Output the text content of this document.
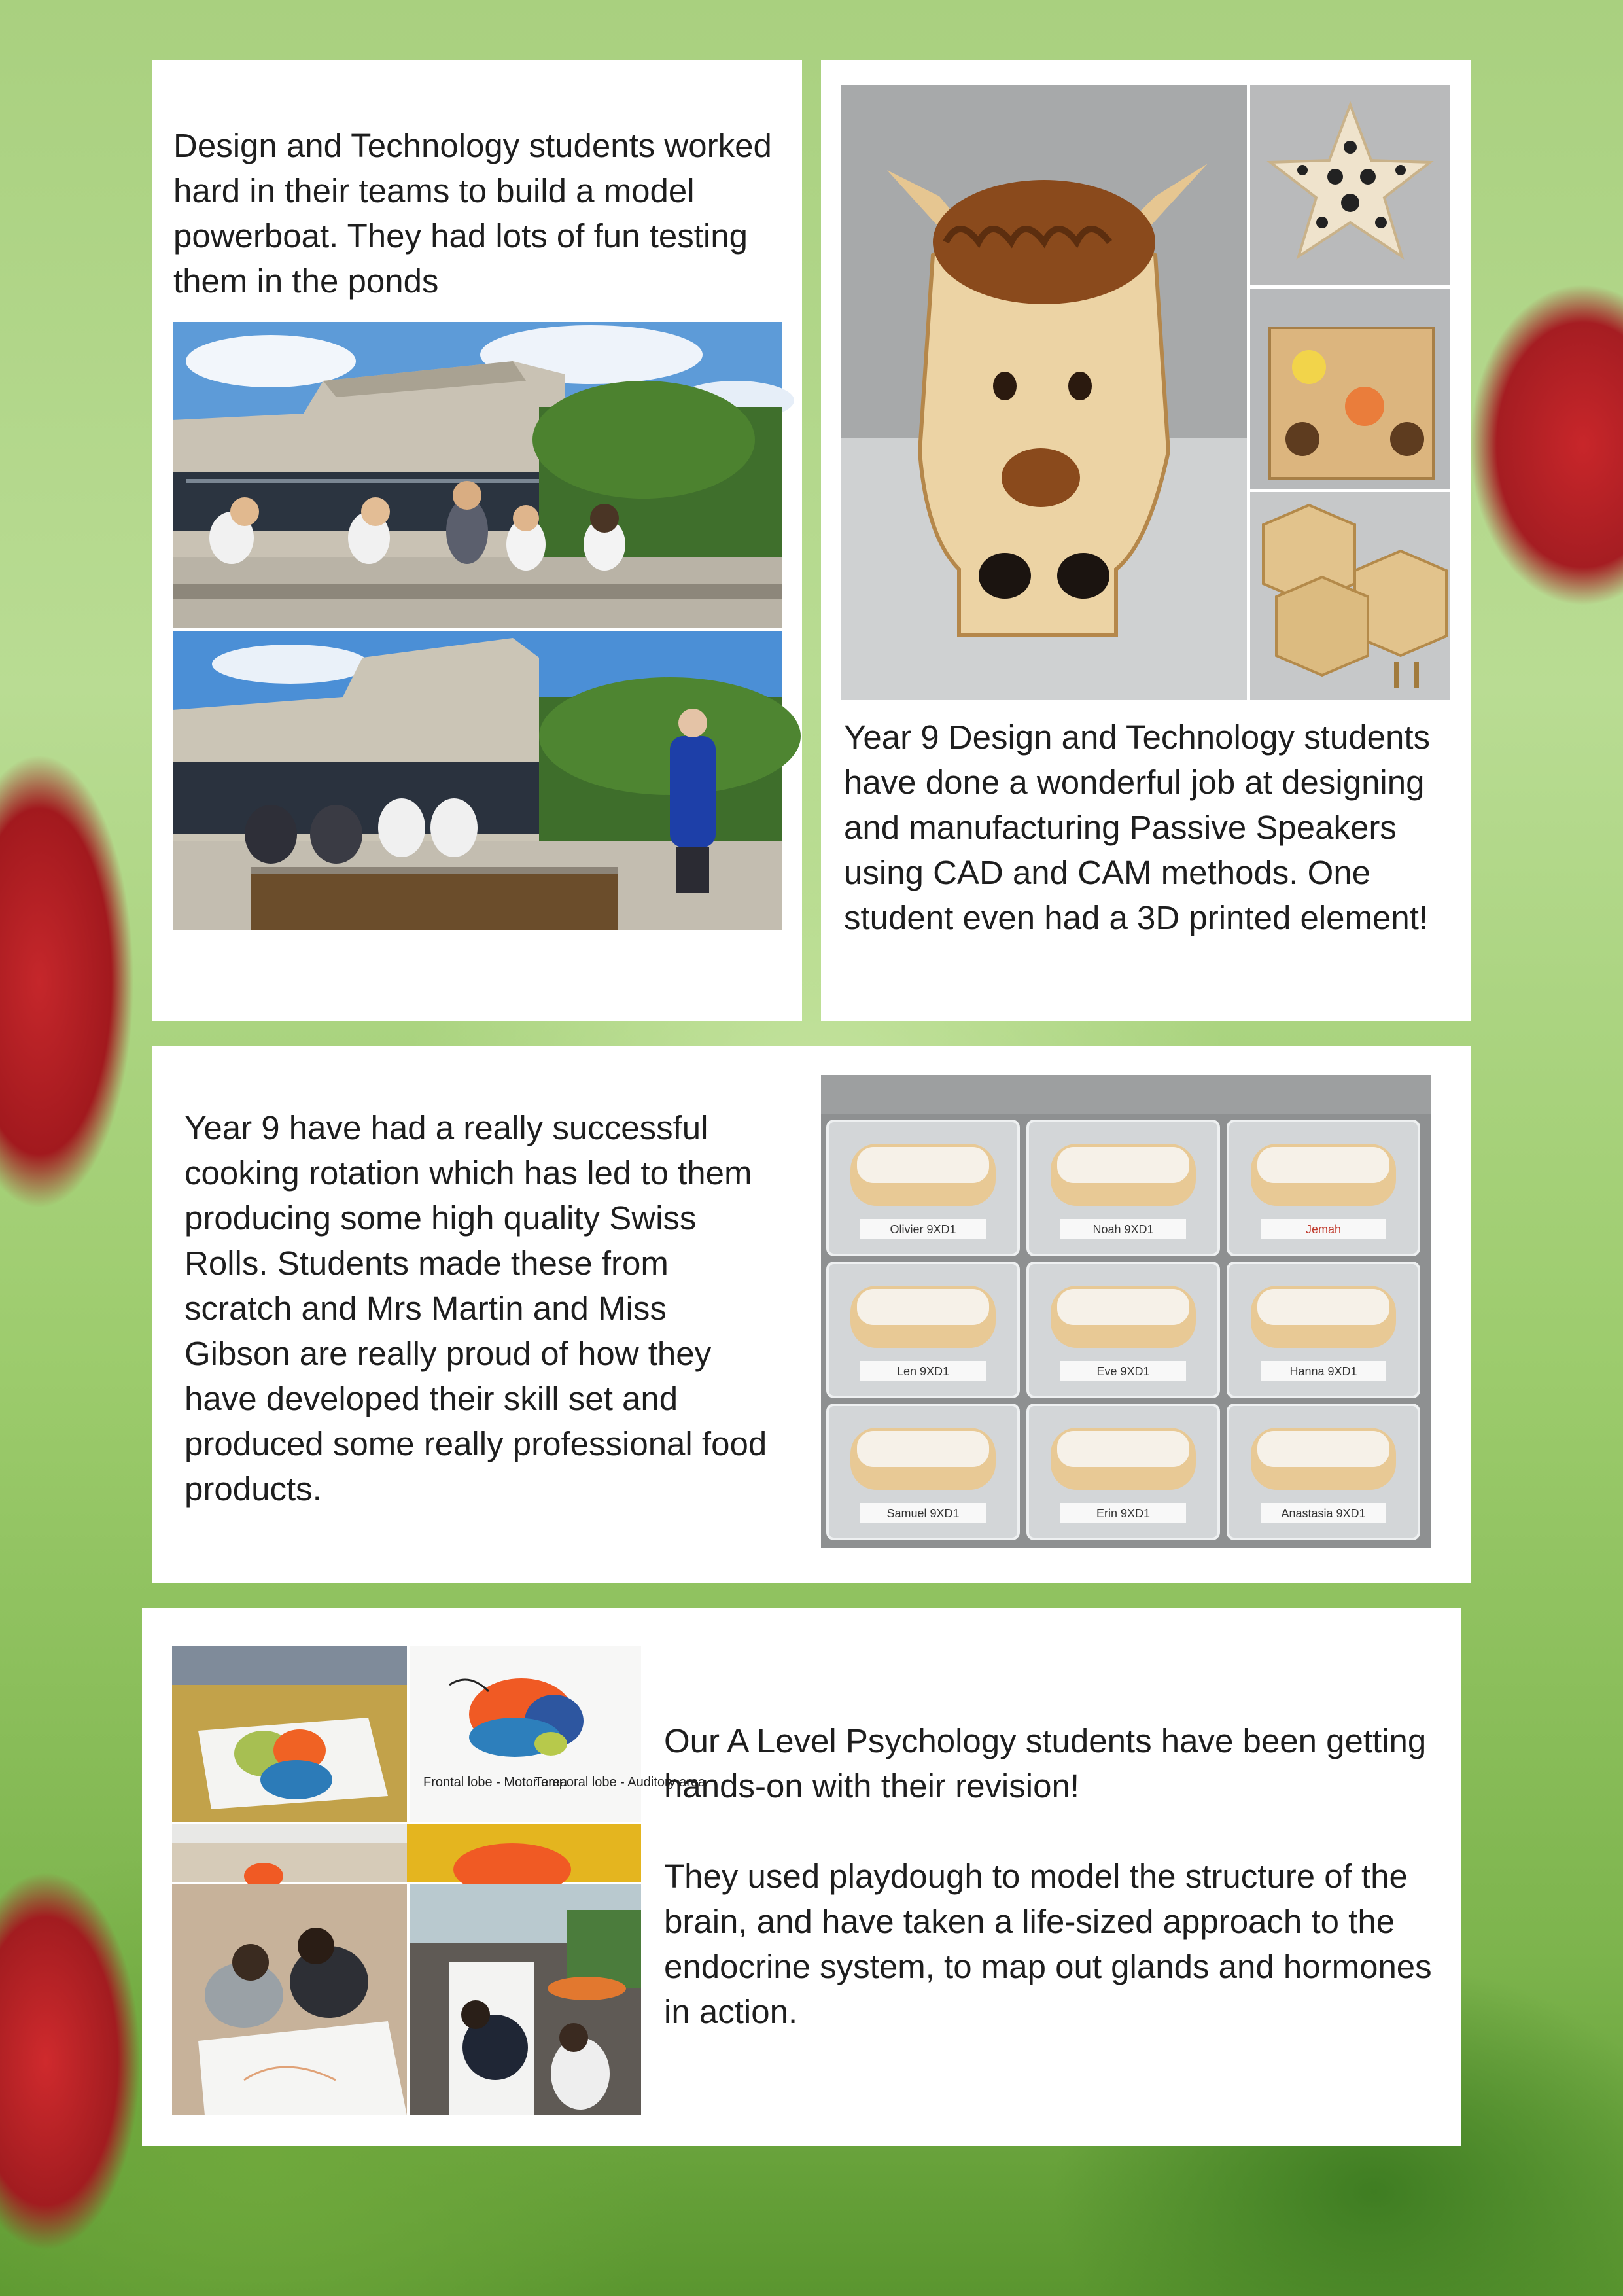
Design and Technology students worked hard in their teams to build a model powerboat. They had lots of fun testing them in the ponds
Year 9 Design and Technology students have done a wonderful job at designing and manufacturing Passive Speakers using CAD and CAM methods. One student even had a 3D printed element!
Year 9 have had a really successful cooking rotation which has led to them producing some high quality Swiss Rolls. Students made these from scratch and Mrs Martin and Miss Gibson are really proud of how they have developed their skill set and produced some really professional food products.
Olivier 9XD1	Noah 9XD1	Jemah
Len 9XD1	Eve 9XD1	Hanna 9XD1
Samuel 9XD1	Erin 9XD1	Anastasia 9XD1
Frontal lobe - Motor area
Temporal lobe - Auditory area

Our A Level Psychology students have been getting hands-on with their revision!

They used playdough to model the structure of the brain, and have taken a life-sized approach to the endocrine system, to map out glands and hormones in action.
